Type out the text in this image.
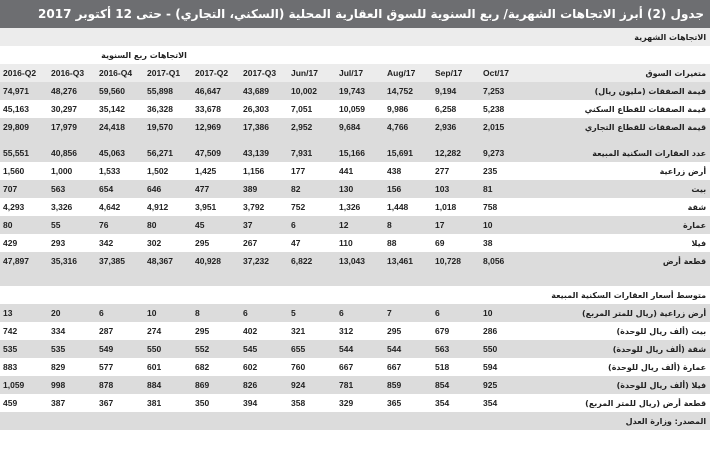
جدول (2) أبرز الاتجاهات الشهرية/ ربع السنوية للسوق العقارية المحلية (السكني، التجاري) - حتى 12 أكتوبر 2017
الاتجاهات الشهرية											
الاتجاهات ربع السنوية											
2016-Q2	2016-Q3	2016-Q4	2017-Q1	2017-Q2	2017-Q3	Jun/17	Jul/17	Aug/17	Sep/17	Oct/17	متغيرات السوق
74,971	48,276	59,560	55,898	46,647	43,689	10,002	19,743	14,752	9,194	7,253	قيمة الصفقات (مليون ريال)
45,163	30,297	35,142	36,328	33,678	26,303	7,051	10,059	9,986	6,258	5,238	قيمة الصفقات للقطاع السكني
29,809	17,979	24,418	19,570	12,969	17,386	2,952	9,684	4,766	2,936	2,015	قيمة الصفقات للقطاع التجاري

55,551	40,856	45,063	56,271	47,509	43,139	7,931	15,166	15,691	12,282	9,273	عدد العقارات السكنية المبيعة
1,560	1,000	1,533	1,502	1,425	1,156	177	441	438	277	235	أرض زراعية
707	563	654	646	477	389	82	130	156	103	81	بيت
4,293	3,326	4,642	4,912	3,951	3,792	752	1,326	1,448	1,018	758	شقة
80	55	76	80	45	37	6	12	8	17	10	عمارة
429	293	342	302	295	267	47	110	88	69	38	فيلا
47,897	35,316	37,385	48,367	40,928	37,232	6,822	13,043	13,461	10,728	8,056	قطعة أرض

متوسط أسعار العقارات السكنية المبيعة											
13	20	6	10	8	6	5	6	7	6	10	أرض زراعية (ريال للمتر المربع)
742	334	287	274	295	402	321	312	295	679	286	بيت (ألف ريال للوحدة)
535	535	549	550	552	545	655	544	544	563	550	شقة (ألف ريال للوحدة)
883	829	577	601	682	602	760	667	667	518	594	عمارة (ألف ريال للوحدة)
1,059	998	878	884	869	826	924	781	859	854	925	فيلا (ألف ريال للوحدة)
459	387	367	381	350	394	358	329	365	354	354	قطعة أرض (ريال للمتر المربع)
المصدر: وزارة العدل											
